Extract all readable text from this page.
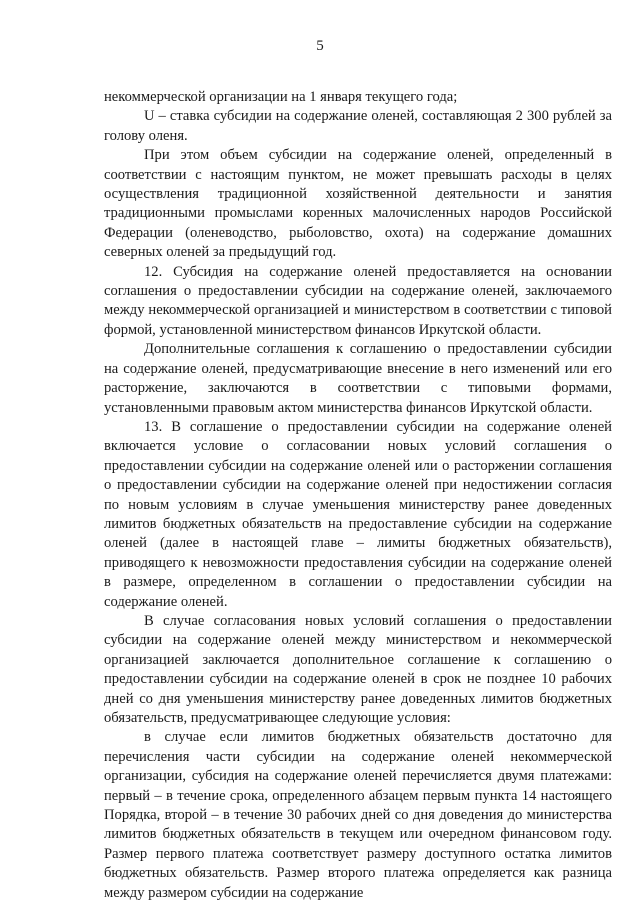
5

некоммерческой организации на 1 января текущего года;

U – ставка субсидии на содержание оленей, составляющая 2 300 рублей за голову оленя.

При этом объем субсидии на содержание оленей, определенный в соответствии с настоящим пунктом, не может превышать расходы в целях осуществления традиционной хозяйственной деятельности и занятия традиционными промыслами коренных малочисленных народов Российской Федерации (оленеводство, рыболовство, охота) на содержание домашних северных оленей за предыдущий год.

12. Субсидия на содержание оленей предоставляется на основании соглашения о предоставлении субсидии на содержание оленей, заключаемого между некоммерческой организацией и министерством в соответствии с типовой формой, установленной министерством финансов Иркутской области.

Дополнительные соглашения к соглашению о предоставлении субсидии на содержание оленей, предусматривающие внесение в него изменений или его расторжение, заключаются в соответствии с типовыми формами, установленными правовым актом министерства финансов Иркутской области.

13. В соглашение о предоставлении субсидии на содержание оленей включается условие о согласовании новых условий соглашения о предоставлении субсидии на содержание оленей или о расторжении соглашения о предоставлении субсидии на содержание оленей при недостижении согласия по новым условиям в случае уменьшения министерству ранее доведенных лимитов бюджетных обязательств на предоставление субсидии на содержание оленей (далее в настоящей главе – лимиты бюджетных обязательств), приводящего к невозможности предоставления субсидии на содержание оленей в размере, определенном в соглашении о предоставлении субсидии на содержание оленей.

В случае согласования новых условий соглашения о предоставлении субсидии на содержание оленей между министерством и некоммерческой организацией заключается дополнительное соглашение к соглашению о предоставлении субсидии на содержание оленей в срок не позднее 10 рабочих дней со дня уменьшения министерству ранее доведенных лимитов бюджетных обязательств, предусматривающее следующие условия:

в случае если лимитов бюджетных обязательств достаточно для перечисления части субсидии на содержание оленей некоммерческой организации, субсидия на содержание оленей перечисляется двумя платежами: первый – в течение срока, определенного абзацем первым пункта 14 настоящего Порядка, второй – в течение 30 рабочих дней со дня доведения до министерства лимитов бюджетных обязательств в текущем или очередном финансовом году. Размер первого платежа соответствует размеру доступного остатка лимитов бюджетных обязательств. Размер второго платежа определяется как разница между размером субсидии на содержание
